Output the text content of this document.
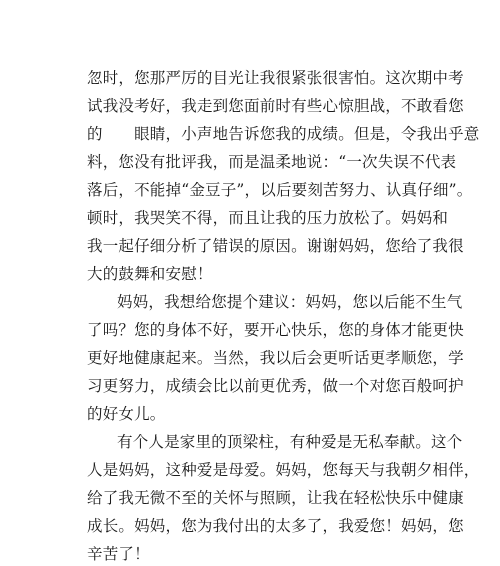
忽时，您那严厉的目光让我很紧张很害怕。这次期中考
试我没考好，我走到您面前时有些心惊胆战，不敢看您
的　　眼睛，小声地告诉您我的成绩。但是，令我出乎意
料，您没有批评我，而是温柔地说：“一次失误不代表
落后，不能掉“金豆子”，以后要刻苦努力、认真仔细”。
顿时，我哭笑不得，而且让我的压力放松了。妈妈和
我一起仔细分析了错误的原因。谢谢妈妈，您给了我很
大的鼓舞和安慰！
妈妈，我想给您提个建议：妈妈，您以后能不生气
了吗？您的身体不好，要开心快乐，您的身体才能更快
更好地健康起来。当然，我以后会更听话更孝顺您，学
习更努力，成绩会比以前更优秀，做一个对您百般呵护
的好女儿。
有个人是家里的顶梁柱，有种爱是无私奉献。这个
人是妈妈，这种爱是母爱。妈妈，您每天与我朝夕相伴，
给了我无微不至的关怀与照顾，让我在轻松快乐中健康
成长。妈妈，您为我付出的太多了，我爱您！妈妈，您
辛苦了！
